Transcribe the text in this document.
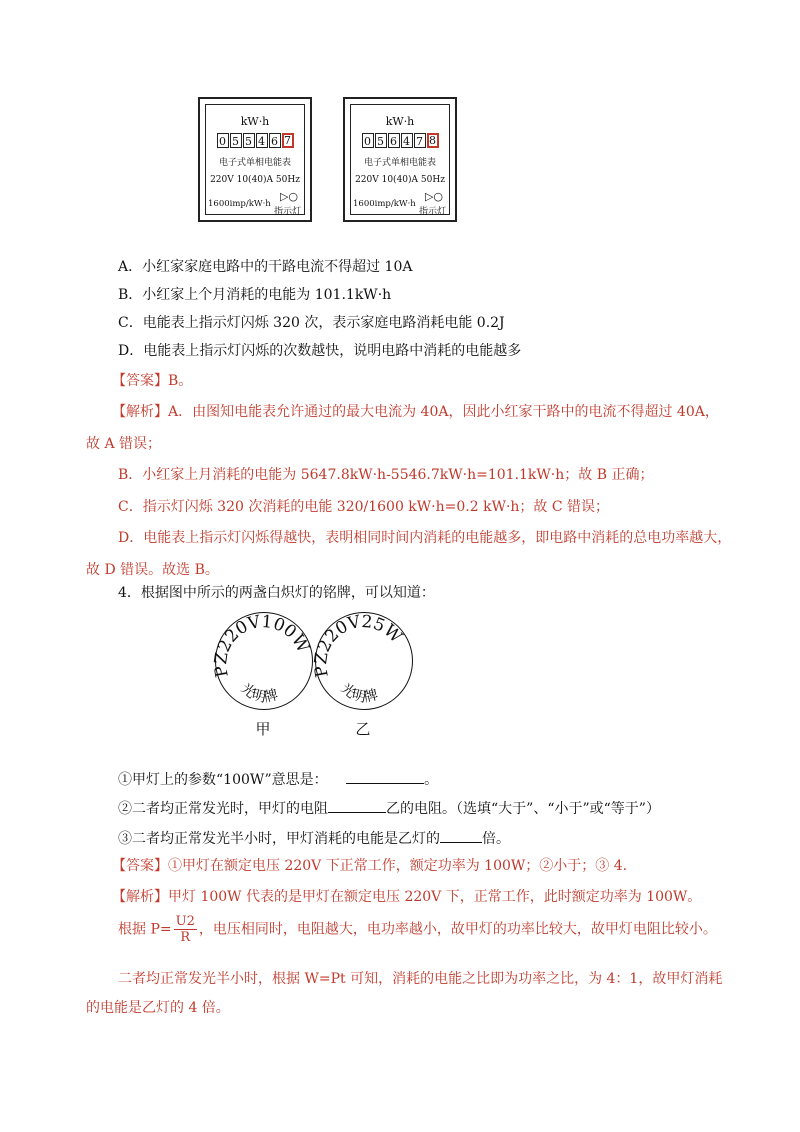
kW·h
0 5 5 4 6 7
电子式单相电能表
220V 10(40)A 50Hz
1600imp/kW·h
▷○
指示灯
kW·h
0 5 6 4 7 8
电子式单相电能表
220V 10(40)A 50Hz
1600imp/kW·h
▷○
指示灯
A．小红家家庭电路中的干路电流不得超过 10A
B．小红家上个月消耗的电能为 101.1kW·h
C．电能表上指示灯闪烁 320 次，表示家庭电路消耗电能 0.2J
D．电能表上指示灯闪烁的次数越快，说明电路中消耗的电能越多
【答案】B。
【解析】A．由图知电能表允许通过的最大电流为 40A，因此小红家干路中的电流不得超过 40A，
故 A 错误；
B．小红家上月消耗的电能为 5647.8kW·h-5546.7kW·h=101.1kW·h；故 B 正确；
C．指示灯闪烁 320 次消耗的电能 320/1600 kW·h=0.2 kW·h；故 C 错误；
D．电能表上指示灯闪烁得越快，表明相同时间内消耗的电能越多，即电路中消耗的总电功率越大，
故 D 错误。故选 B。
4．根据图中所示的两盏白炽灯的铭牌，可以知道：
PZ220V100W
光明牌
甲
PZ220V25W
光明牌
乙
①甲灯上的参数“100W”意思是：	。
②二者均正常发光时，甲灯的电阻	乙的电阻。（选填“大于”、“小于”或“等于”）
③二者均正常发光半小时，甲灯消耗的电能是乙灯的	倍。
【答案】①甲灯在额定电压 220V 下正常工作，额定功率为 100W；②小于；③ 4.
【解析】甲灯 100W 代表的是甲灯在额定电压 220V 下，正常工作，此时额定功率为 100W。
根据 $P= \frac{U2}{R}$ ，电压相同时，电阻越大，电功率越小，故甲灯的功率比较大，故甲灯电阻比较小。
二者均正常发光半小时，根据 W=Pt 可知，消耗的电能之比即为功率之比，为 4：1，故甲灯消耗
的电能是乙灯的 4 倍。
